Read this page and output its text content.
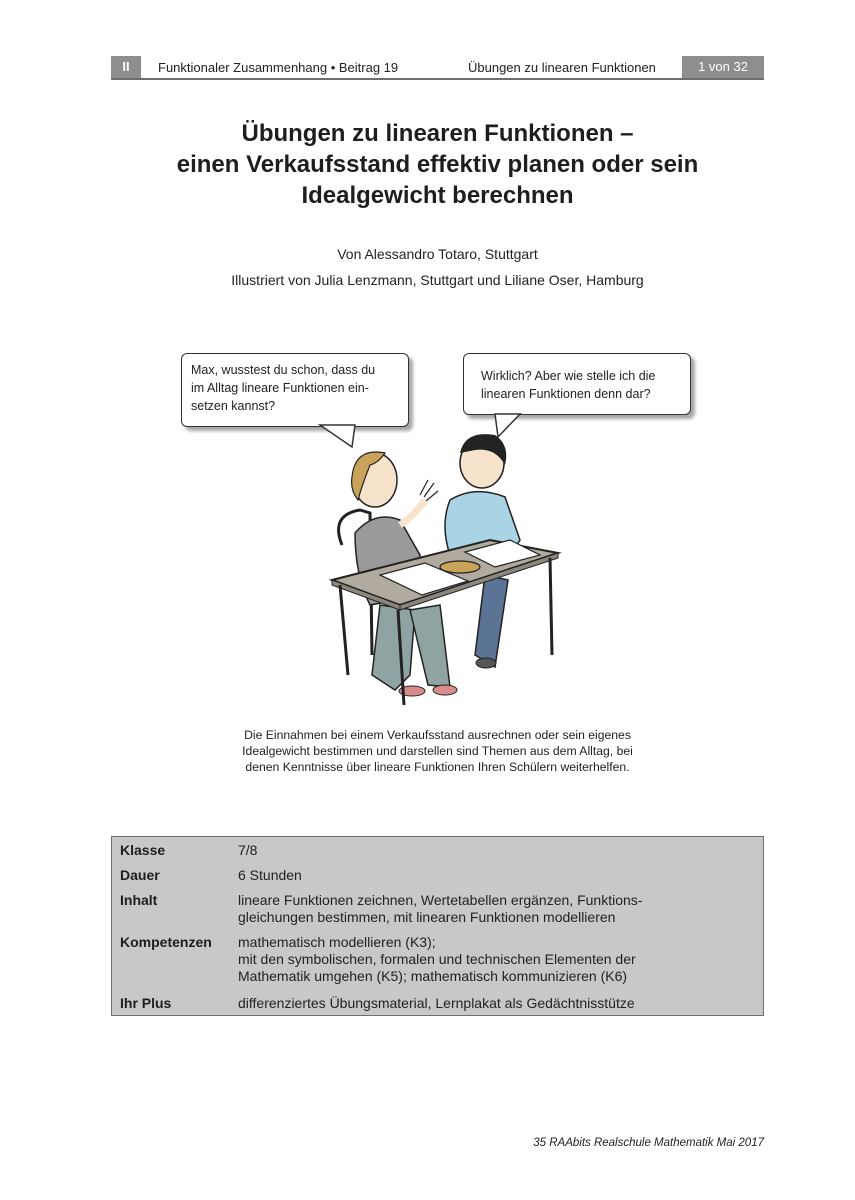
II	Funktionaler Zusammenhang • Beitrag 19	Übungen zu linearen Funktionen	1 von 32
Übungen zu linearen Funktionen –
einen Verkaufsstand effektiv planen oder sein
Idealgewicht berechnen
Von Alessandro Totaro, Stuttgart
Illustriert von Julia Lenzmann, Stuttgart und Liliane Oser, Hamburg
Max, wusstest du schon, dass du
im Alltag lineare Funktionen ein-
setzen kannst?
Wirklich? Aber wie stelle ich die
linearen Funktionen denn dar?
Die Einnahmen bei einem Verkaufsstand ausrechnen oder sein eigenes
Idealgewicht bestimmen und darstellen sind Themen aus dem Alltag, bei
denen Kenntnisse über lineare Funktionen Ihren Schülern weiterhelfen.
Klasse	7/8
Dauer	6 Stunden
Inhalt	lineare Funktionen zeichnen, Wertetabellen ergänzen, Funktions-
gleichungen bestimmen, mit linearen Funktionen modellieren
Kompetenzen mathematisch modellieren (K3);
mit den symbolischen, formalen und technischen Elementen der
Mathematik umgehen (K5); mathematisch kommunizieren (K6)
Ihr Plus	differenziertes Übungsmaterial, Lernplakat als Gedächtnisstütze
35 RAAbits Realschule Mathematik Mai 2017
